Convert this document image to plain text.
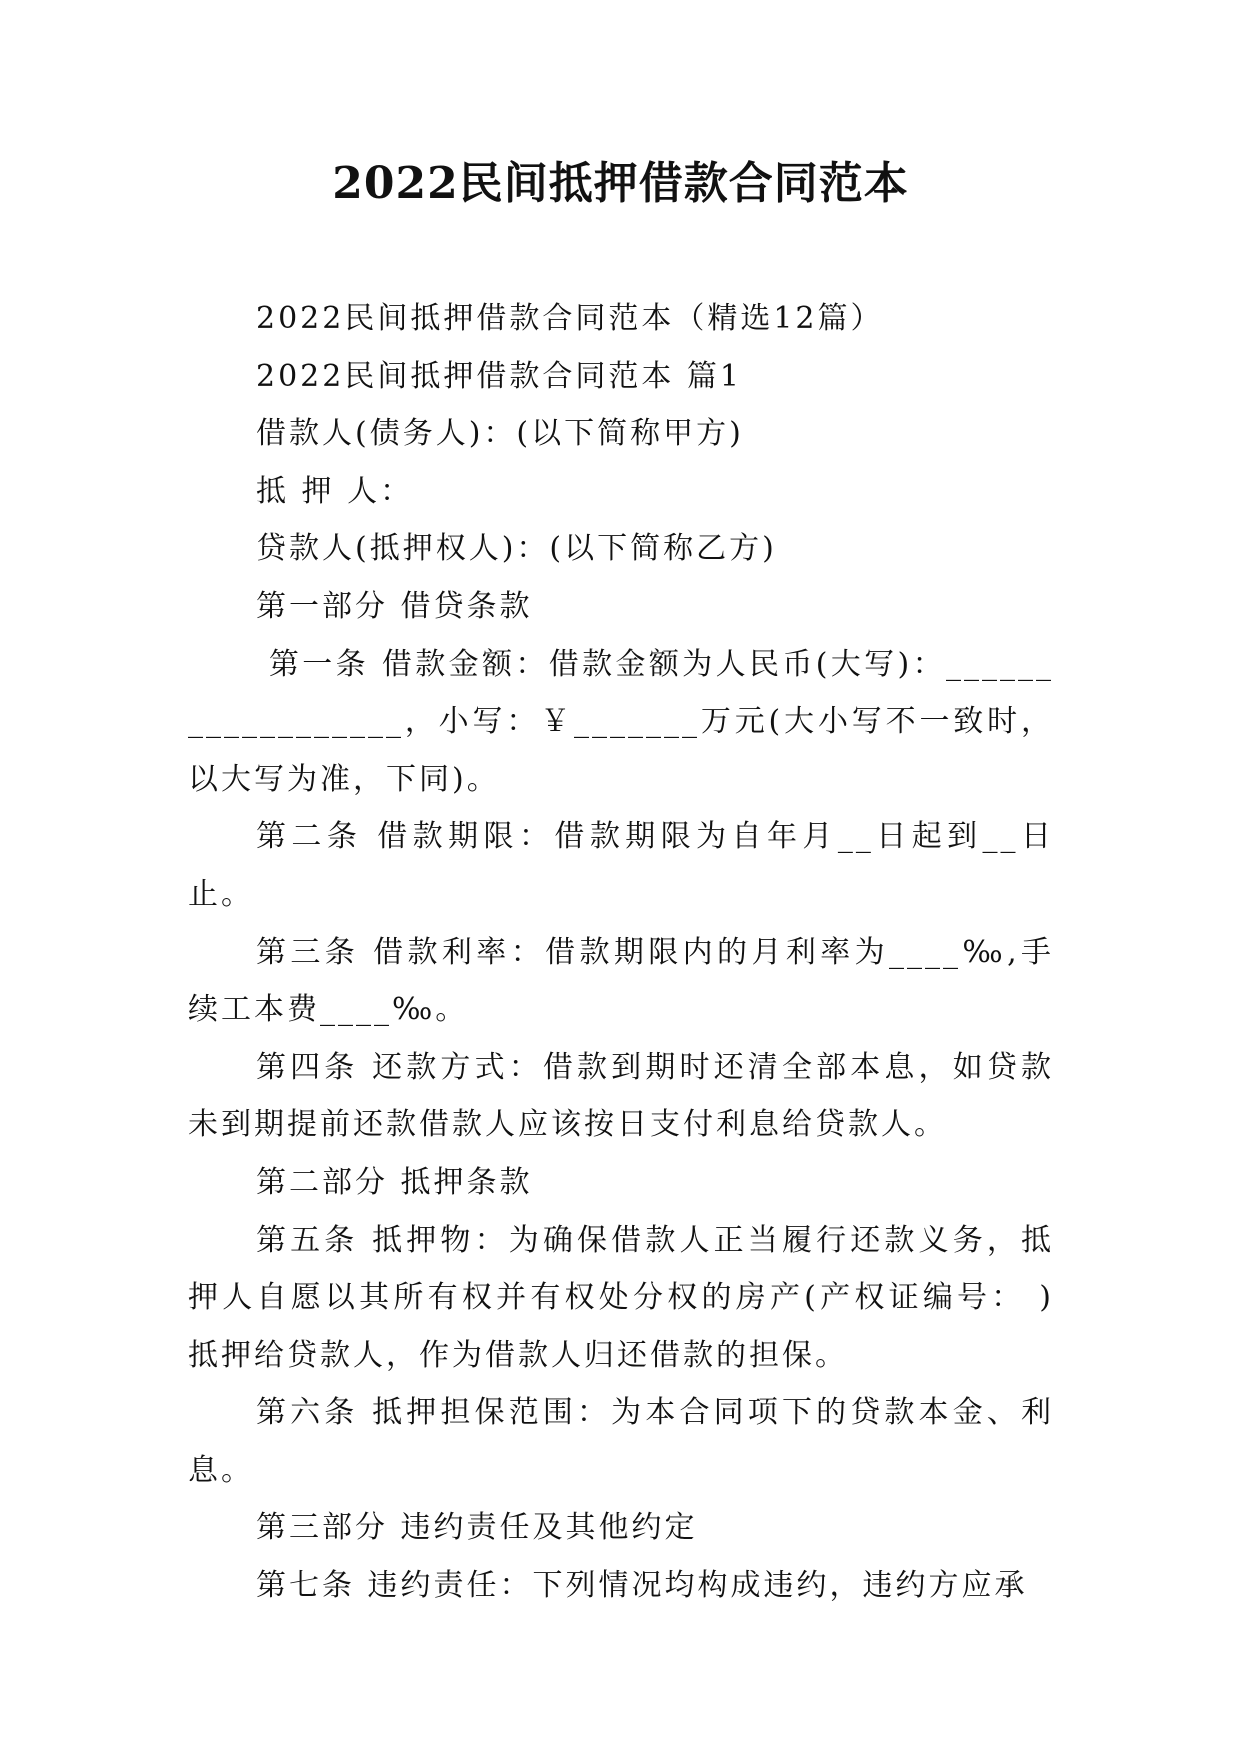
2022民间抵押借款合同范本

2022民间抵押借款合同范本（精选12篇）

2022民间抵押借款合同范本 篇1

借款人(债务人)：(以下简称甲方)

抵 押 人：

贷款人(抵押权人)：(以下简称乙方)

第一部分 借贷条款

第一条 借款金额：借款金额为人民币(大写)：__________________，小写：￥_______万元(大小写不一致时，以大写为准，下同)。

第二条 借款期限：借款期限为自年月__日起到__日止。

第三条 借款利率：借款期限内的月利率为____‰,手续工本费____‰。

第四条 还款方式：借款到期时还清全部本息，如贷款未到期提前还款借款人应该按日支付利息给贷款人。

第二部分 抵押条款

第五条 抵押物：为确保借款人正当履行还款义务，抵押人自愿以其所有权并有权处分权的房产(产权证编号： )抵押给贷款人，作为借款人归还借款的担保。

第六条 抵押担保范围：为本合同项下的贷款本金、利息。

第三部分 违约责任及其他约定

第七条 违约责任：下列情况均构成违约，违约方应承
